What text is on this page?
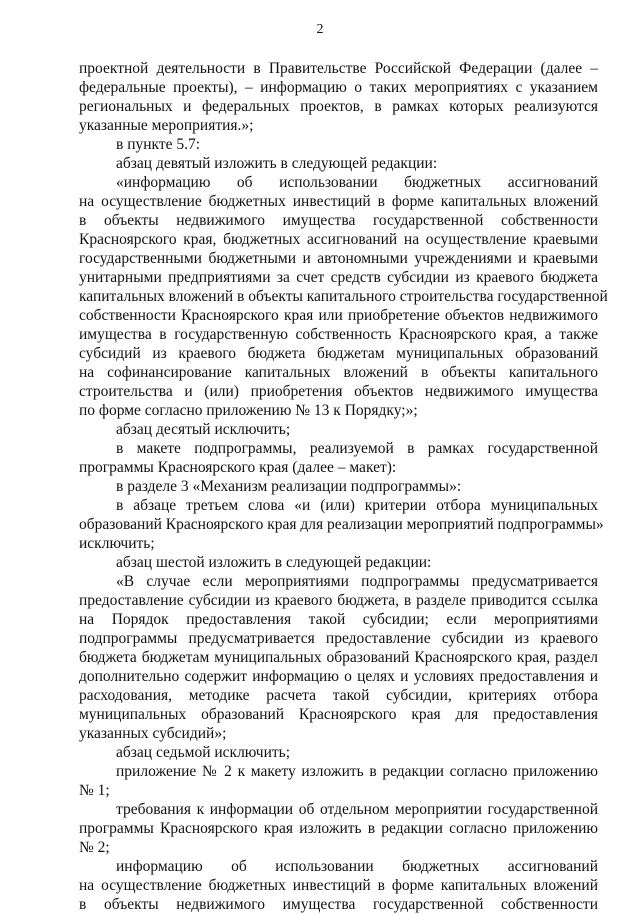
2
проектной деятельности в Правительстве Российской Федерации (далее –
федеральные проекты), – информацию о таких мероприятиях с указанием
региональных и федеральных проектов, в рамках которых реализуются
указанные мероприятия.»;
в пункте 5.7:
абзац девятый изложить в следующей редакции:
«информацию об использовании бюджетных ассигнований
на осуществление бюджетных инвестиций в форме капитальных вложений
в объекты недвижимого имущества государственной собственности
Красноярского края, бюджетных ассигнований на осуществление краевыми
государственными бюджетными и автономными учреждениями и краевыми
унитарными предприятиями за счет средств субсидии из краевого бюджета
капитальных вложений в объекты капитального строительства государственной
собственности Красноярского края или приобретение объектов недвижимого
имущества в государственную собственность Красноярского края, а также
субсидий из краевого бюджета бюджетам муниципальных образований
на софинансирование капитальных вложений в объекты капитального
строительства и (или) приобретения объектов недвижимого имущества
по форме согласно приложению № 13 к Порядку;»;
абзац десятый исключить;
в макете подпрограммы, реализуемой в рамках государственной
программы Красноярского края (далее – макет):
в разделе 3 «Механизм реализации подпрограммы»:
в абзаце третьем слова «и (или) критерии отбора муниципальных
образований Красноярского края для реализации мероприятий подпрограммы»
исключить;
абзац шестой изложить в следующей редакции:
«В случае если мероприятиями подпрограммы предусматривается
предоставление субсидии из краевого бюджета, в разделе приводится ссылка
на Порядок предоставления такой субсидии; если мероприятиями
подпрограммы предусматривается предоставление субсидии из краевого
бюджета бюджетам муниципальных образований Красноярского края, раздел
дополнительно содержит информацию о целях и условиях предоставления и
расходования, методике расчета такой субсидии, критериях отбора
муниципальных образований Красноярского края для предоставления
указанных субсидий»;
абзац седьмой исключить;
приложение № 2 к макету изложить в редакции согласно приложению
№ 1;
требования к информации об отдельном мероприятии государственной
программы Красноярского края изложить в редакции согласно приложению
№ 2;
информацию об использовании бюджетных ассигнований
на осуществление бюджетных инвестиций в форме капитальных вложений
в объекты недвижимого имущества государственной собственности
